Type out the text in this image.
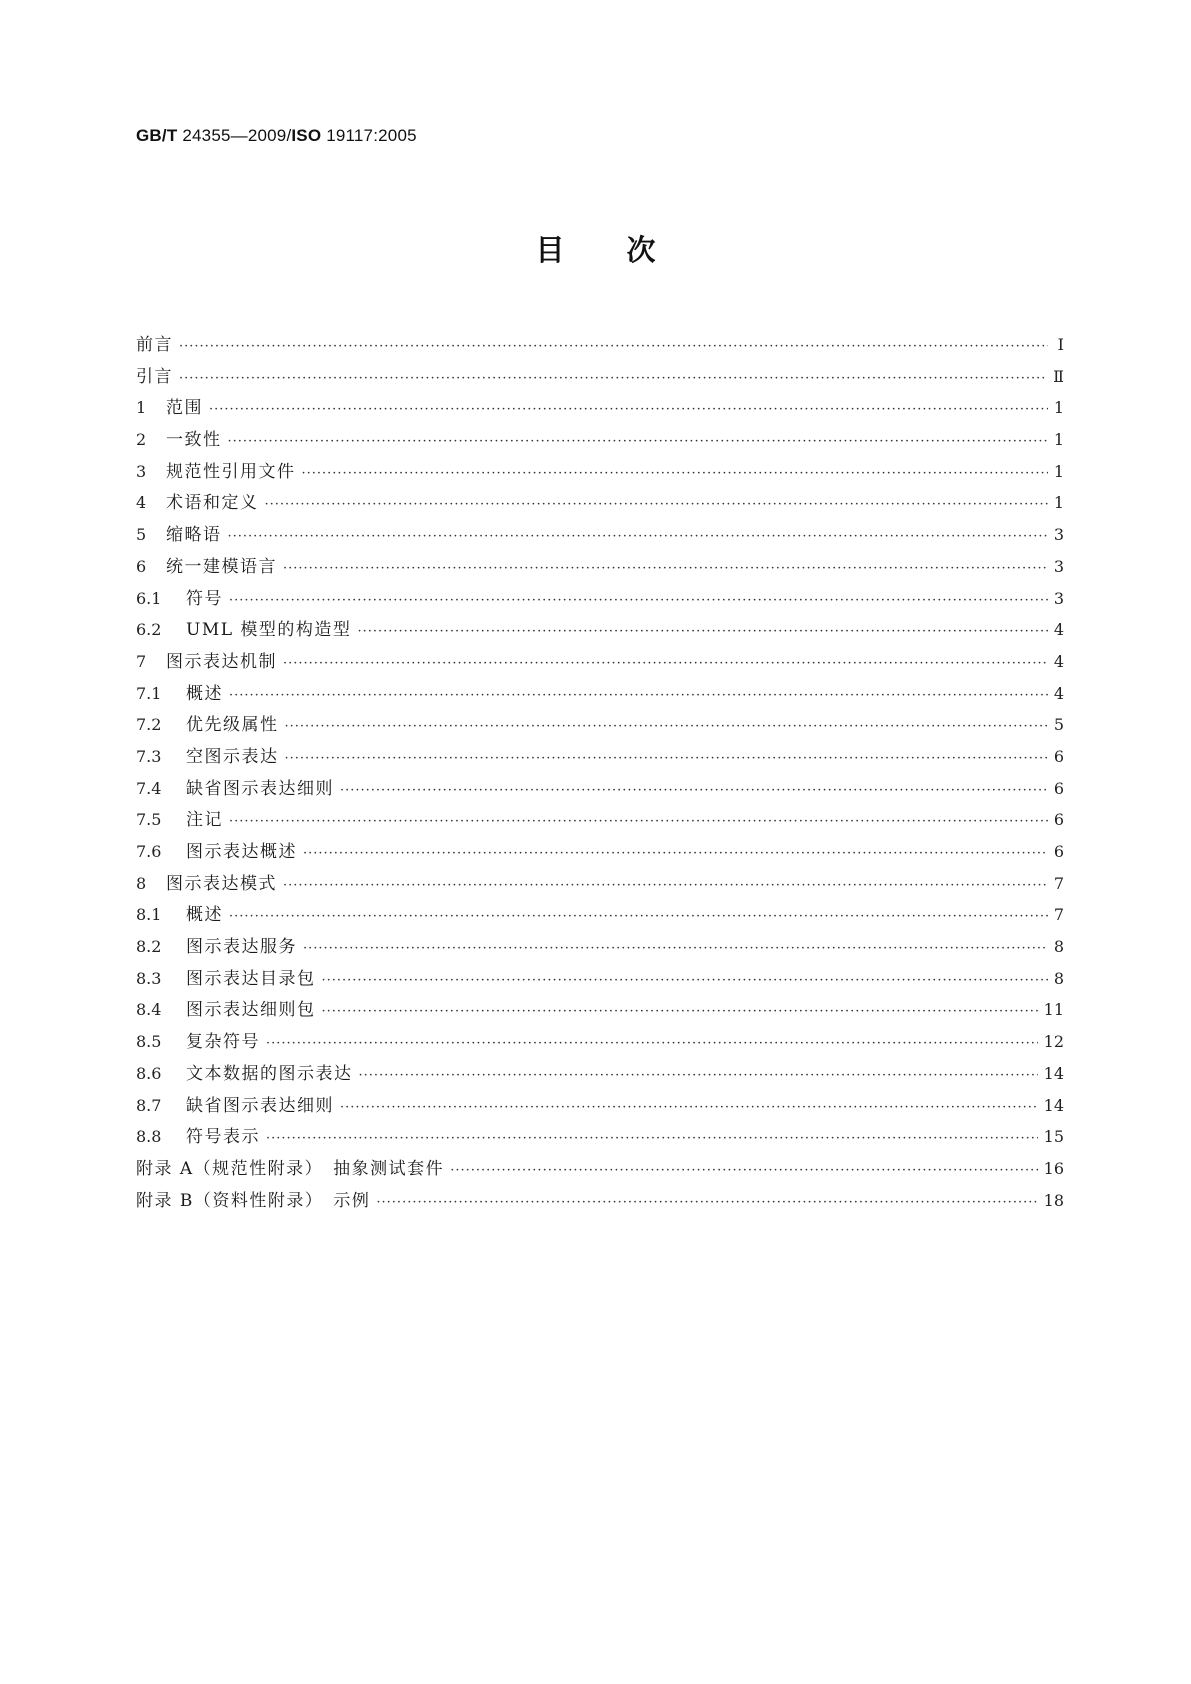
GB/T 24355—2009/ISO 19117:2005
目次
前言 ·····	Ⅰ
引言 ·····	Ⅱ
1	范围 ·····	1
2	一致性 ·····	1
3	规范性引用文件 ·····	1
4	术语和定义 ·····	1
5	缩略语 ·····	3
6	统一建模语言 ·····	3
6.1	符号 ·····	3
6.2	UML 模型的构造型 ·····	4
7	图示表达机制 ·····	4
7.1	概述 ·····	4
7.2	优先级属性 ·····	5
7.3	空图示表达 ·····	6
7.4	缺省图示表达细则 ·····	6
7.5	注记 ·····	6
7.6	图示表达概述 ·····	6
8	图示表达模式 ·····	7
8.1	概述 ·····	7
8.2	图示表达服务 ·····	8
8.3	图示表达目录包 ·····	8
8.4	图示表达细则包 ·····	11
8.5	复杂符号 ·····	12
8.6	文本数据的图示表达 ·····	14
8.7	缺省图示表达细则 ·····	14
8.8	符号表示 ·····	15
附录 A（规范性附录）　抽象测试套件 ·····	16
附录 B（资料性附录）　示例 ·····	18
